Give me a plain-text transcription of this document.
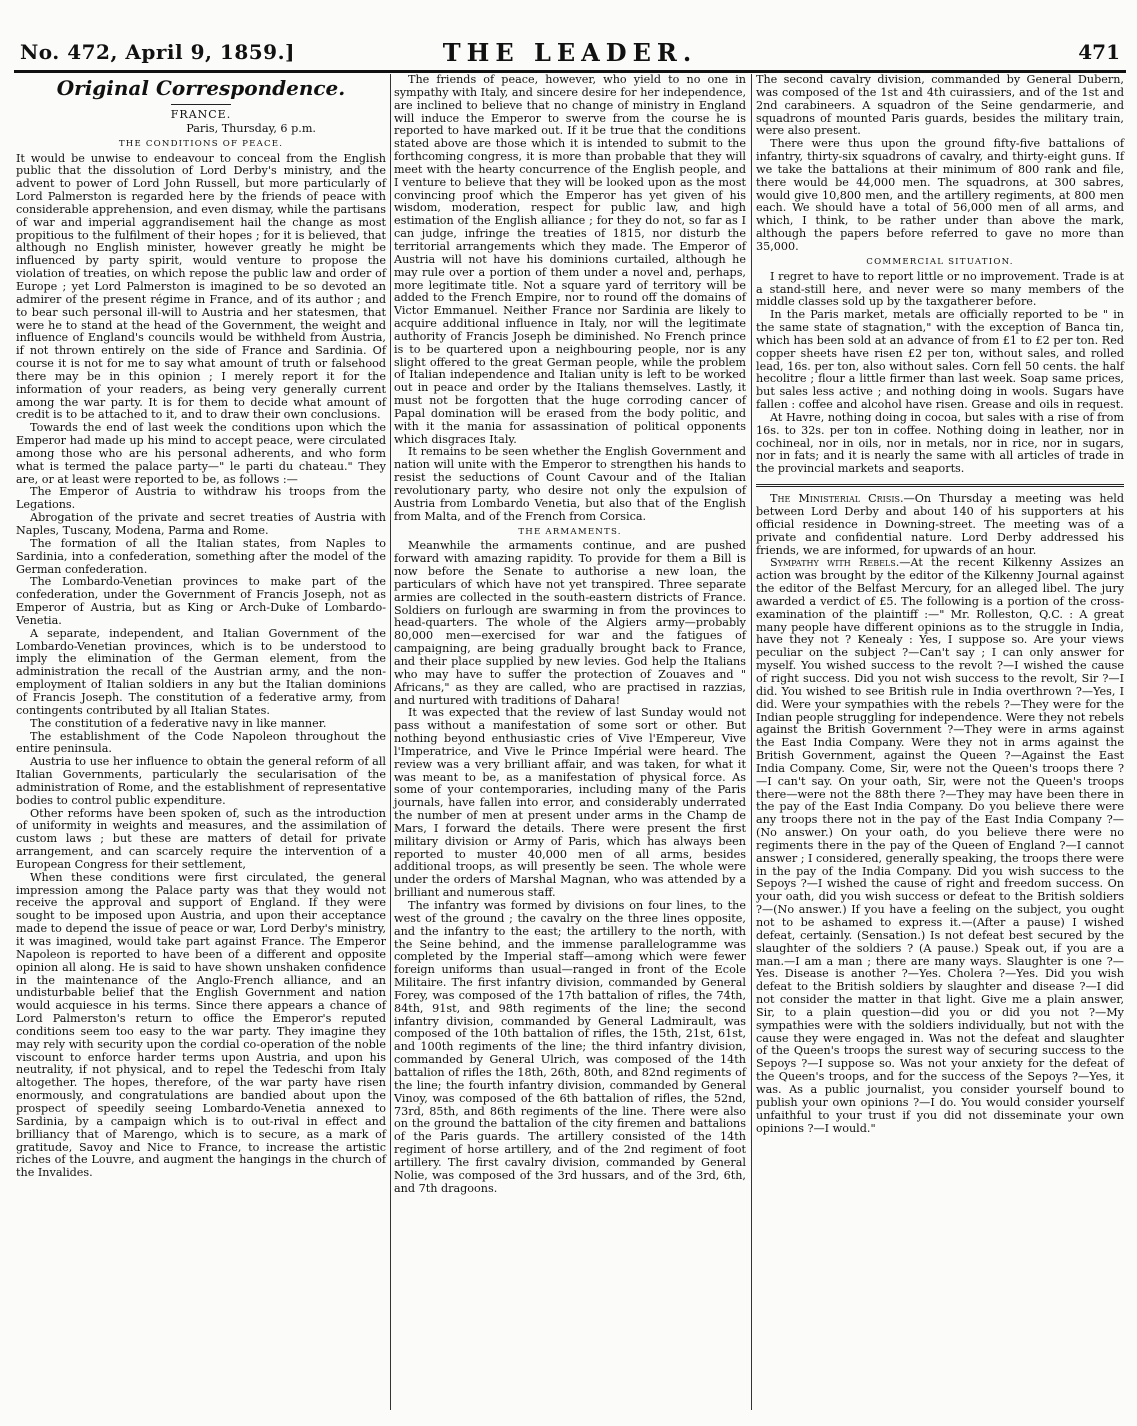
No. 472, April 9, 1859.]	THE LEADER.	471
Original Correspondence.
FRANCE.
Paris, Thursday, 6 p.m.
THE CONDITIONS OF PEACE.

It would be unwise to endeavour to conceal from the English public that the dissolution of Lord Derby's ministry, and the advent to power of Lord John Russell, but more particularly of Lord Palmerston is regarded here by the friends of peace with considerable apprehension, and even dismay, while the partisans of war and imperial aggrandisement hail the change as most propitious to the fulfilment of their hopes ; for it is believed, that although no English minister, however greatly he might be influenced by party spirit, would venture to propose the violation of treaties, on which repose the public law and order of Europe ; yet Lord Palmerston is imagined to be so devoted an admirer of the present régime in France, and of its author ; and to bear such personal ill-will to Austria and her statesmen, that were he to stand at the head of the Government, the weight and influence of England's councils would be withheld from Austria, if not thrown entirely on the side of France and Sardinia. Of course it is not for me to say what amount of truth or falsehood there may be in this opinion ; I merely report it for the information of your readers, as being very generally current among the war party. It is for them to decide what amount of credit is to be attached to it, and to draw their own conclusions.

Towards the end of last week the conditions upon which the Emperor had made up his mind to accept peace, were circulated among those who are his personal adherents, and who form what is termed the palace party—" le parti du chateau." They are, or at least were reported to be, as follows :—

The Emperor of Austria to withdraw his troops from the Legations.

Abrogation of the private and secret treaties of Austria with Naples, Tuscany, Modena, Parma and Rome.

The formation of all the Italian states, from Naples to Sardinia, into a confederation, something after the model of the German confederation.

The Lombardo-Venetian provinces to make part of the confederation, under the Government of Francis Joseph, not as Emperor of Austria, but as King or Arch-Duke of Lombardo-Venetia.

A separate, independent, and Italian Government of the Lombardo-Venetian provinces, which is to be understood to imply the elimination of the German element, from the administration the recall of the Austrian army, and the non-employment of Italian soldiers in any but the Italian dominions of Francis Joseph. The constitution of a federative army, from contingents contributed by all Italian States.

The constitution of a federative navy in like manner.

The establishment of the Code Napoleon throughout the entire peninsula.

Austria to use her influence to obtain the general reform of all Italian Governments, particularly the secularisation of the administration of Rome, and the establishment of representative bodies to control public expenditure.

Other reforms have been spoken of, such as the introduction of uniformity in weights and measures, and the assimilation of custom laws ; but these are matters of detail for private arrangement, and can scarcely require the intervention of a European Congress for their settlement,

When these conditions were first circulated, the general impression among the Palace party was that they would not receive the approval and support of England. If they were sought to be imposed upon Austria, and upon their acceptance made to depend the issue of peace or war, Lord Derby's ministry, it was imagined, would take part against France. The Emperor Napoleon is reported to have been of a different and opposite opinion all along. He is said to have shown unshaken confidence in the maintenance of the Anglo-French alliance, and an undisturbable belief that the English Government and nation would acquiesce in his terms. Since there appears a chance of Lord Palmerston's return to office the Emperor's reputed conditions seem too easy to the war party. They imagine they may rely with security upon the cordial co-operation of the noble viscount to enforce harder terms upon Austria, and upon his neutrality, if not physical, and to repel the Tedeschi from Italy altogether. The hopes, therefore, of the war party have risen enormously, and congratulations are bandied about upon the prospect of speedily seeing Lombardo-Venetia annexed to Sardinia, by a campaign which is to out-rival in effect and brilliancy that of Marengo, which is to secure, as a mark of gratitude, Savoy and Nice to France, to increase the artistic riches of the Louvre, and augment the hangings in the church of the Invalides.

The friends of peace, however, who yield to no one in sympathy with Italy, and sincere desire for her independence, are inclined to believe that no change of ministry in England will induce the Emperor to swerve from the course he is reported to have marked out. If it be true that the conditions stated above are those which it is intended to submit to the forthcoming congress, it is more than probable that they will meet with the hearty concurrence of the English people, and I venture to believe that they will be looked upon as the most convincing proof which the Emperor has yet given of his wisdom, moderation, respect for public law, and high estimation of the English alliance ; for they do not, so far as I can judge, infringe the treaties of 1815, nor disturb the territorial arrangements which they made. The Emperor of Austria will not have his dominions curtailed, although he may rule over a portion of them under a novel and, perhaps, more legitimate title. Not a square yard of territory will be added to the French Empire, nor to round off the domains of Victor Emmanuel. Neither France nor Sardinia are likely to acquire additional influence in Italy, nor will the legitimate authority of Francis Joseph be diminished. No French prince is to be quartered upon a neighbouring people, nor is any slight offered to the great German people, while the problem of Italian independence and Italian unity is left to be worked out in peace and order by the Italians themselves. Lastly, it must not be forgotten that the huge corroding cancer of Papal domination will be erased from the body politic, and with it the mania for assassination of political opponents which disgraces Italy.

It remains to be seen whether the English Government and nation will unite with the Emperor to strengthen his hands to resist the seductions of Count Cavour and of the Italian revolutionary party, who desire not only the expulsion of Austria from Lombardo Venetia, but also that of the English from Malta, and of the French from Corsica.

THE ARMAMENTS.

Meanwhile the armaments continue, and are pushed forward with amazing rapidity. To provide for them a Bill is now before the Senate to authorise a new loan, the particulars of which have not yet transpired. Three separate armies are collected in the south-eastern districts of France. Soldiers on furlough are swarming in from the provinces to head-quarters. The whole of the Algiers army—probably 80,000 men—exercised for war and the fatigues of campaigning, are being gradually brought back to France, and their place supplied by new levies. God help the Italians who may have to suffer the protection of Zouaves and " Africans," as they are called, who are practised in razzias, and nurtured with traditions of Dahara!

It was expected that the review of last Sunday would not pass without a manifestation of some sort or other. But nothing beyond enthusiastic cries of Vive l'Empereur, Vive l'Imperatrice, and Vive le Prince Impérial were heard. The review was a very brilliant affair, and was taken, for what it was meant to be, as a manifestation of physical force. As some of your contemporaries, including many of the Paris journals, have fallen into error, and considerably underrated the number of men at present under arms in the Champ de Mars, I forward the details. There were present the first military division or Army of Paris, which has always been reported to muster 40,000 men of all arms, besides additional troops, as will presently be seen. The whole were under the orders of Marshal Magnan, who was attended by a brilliant and numerous staff.

The infantry was formed by divisions on four lines, to the west of the ground ; the cavalry on the three lines opposite, and the infantry to the east; the artillery to the north, with the Seine behind, and the immense parallelogramme was completed by the Imperial staff—among which were fewer foreign uniforms than usual—ranged in front of the Ecole Militaire. The first infantry division, commanded by General Forey, was composed of the 17th battalion of rifles, the 74th, 84th, 91st, and 98th regiments of the line; the second infantry division, commanded by General Ladmirault, was composed of the 10th battalion of rifles, the 15th, 21st, 61st, and 100th regiments of the line; the third infantry division, commanded by General Ulrich, was composed of the 14th battalion of rifles the 18th, 26th, 80th, and 82nd regiments of the line; the fourth infantry division, commanded by General Vinoy, was composed of the 6th battalion of rifles, the 52nd, 73rd, 85th, and 86th regiments of the line. There were also on the ground the battalion of the city firemen and battalions of the Paris guards. The artillery consisted of the 14th regiment of horse artillery, and of the 2nd regiment of foot artillery. The first cavalry division, commanded by General Nolie, was composed of the 3rd hussars, and of the 3rd, 6th, and 7th dragoons.

The second cavalry division, commanded by General Dubern, was composed of the 1st and 4th cuirassiers, and of the 1st and 2nd carabineers. A squadron of the Seine gendarmerie, and squadrons of mounted Paris guards, besides the military train, were also present.

There were thus upon the ground fifty-five battalions of infantry, thirty-six squadrons of cavalry, and thirty-eight guns. If we take the battalions at their minimum of 800 rank and file, there would be 44,000 men. The squadrons, at 300 sabres, would give 10,800 men, and the artillery regiments, at 800 men each. We should have a total of 56,000 men of all arms, and which, I think, to be rather under than above the mark, although the papers before referred to gave no more than 35,000.

COMMERCIAL SITUATION.

I regret to have to report little or no improvement. Trade is at a stand-still here, and never were so many members of the middle classes sold up by the taxgatherer before.

In the Paris market, metals are officially reported to be " in the same state of stagnation," with the exception of Banca tin, which has been sold at an advance of from £1 to £2 per ton. Red copper sheets have risen £2 per ton, without sales, and rolled lead, 16s. per ton, also without sales. Corn fell 50 cents. the half hecolitre ; flour a little firmer than last week. Soap same prices, but sales less active ; and nothing doing in wools. Sugars have fallen : coffee and alcohol have risen. Grease and oils in request.

At Havre, nothing doing in cocoa, but sales with a rise of from 16s. to 32s. per ton in coffee. Nothing doing in leather, nor in cochineal, nor in oils, nor in metals, nor in rice, nor in sugars, nor in fats; and it is nearly the same with all articles of trade in the provincial markets and seaports.

The Ministerial Crisis.—On Thursday a meeting was held between Lord Derby and about 140 of his supporters at his official residence in Downing-street. The meeting was of a private and confidential nature. Lord Derby addressed his friends, we are informed, for upwards of an hour.

Sympathy with Rebels.—At the recent Kilkenny Assizes an action was brought by the editor of the Kilkenny Journal against the editor of the Belfast Mercury, for an alleged libel. The jury awarded a verdict of £5. The following is a portion of the cross-examination of the plaintiff :—" Mr. Rolleston, Q.C. : A great many people have different opinions as to the struggle in India, have they not ? Kenealy : Yes, I suppose so. Are your views peculiar on the subject ?—Can't say ; I can only answer for myself. You wished success to the revolt ?—I wished the cause of right success. Did you not wish success to the revolt, Sir ?—I did. You wished to see British rule in India overthrown ?—Yes, I did. Were your sympathies with the rebels ?—They were for the Indian people struggling for independence. Were they not rebels against the British Government ?—They were in arms against the East India Company. Were they not in arms against the British Government, against the Queen ?—Against the East India Company. Come, Sir, were not the Queen's troops there ?—I can't say. On your oath, Sir, were not the Queen's troops there—were not the 88th there ?—They may have been there in the pay of the East India Company. Do you believe there were any troops there not in the pay of the East India Company ?—(No answer.) On your oath, do you believe there were no regiments there in the pay of the Queen of England ?—I cannot answer ; I considered, generally speaking, the troops there were in the pay of the India Company. Did you wish success to the Sepoys ?—I wished the cause of right and freedom success. On your oath, did you wish success or defeat to the British soldiers ?—(No answer.) If you have a feeling on the subject, you ought not to be ashamed to express it.—(After a pause) I wished defeat, certainly. (Sensation.) Is not defeat best secured by the slaughter of the soldiers ? (A pause.) Speak out, if you are a man.—I am a man ; there are many ways. Slaughter is one ?—Yes. Disease is another ?—Yes. Cholera ?—Yes. Did you wish defeat to the British soldiers by slaughter and disease ?—I did not consider the matter in that light. Give me a plain answer, Sir, to a plain question—did you or did you not ?—My sympathies were with the soldiers individually, but not with the cause they were engaged in. Was not the defeat and slaughter of the Queen's troops the surest way of securing success to the Sepoys ?—I suppose so. Was not your anxiety for the defeat of the Queen's troops, and for the success of the Sepoys ?—Yes, it was. As a public journalist, you consider yourself bound to publish your own opinions ?—I do. You would consider yourself unfaithful to your trust if you did not disseminate your own opinions ?—I would."
